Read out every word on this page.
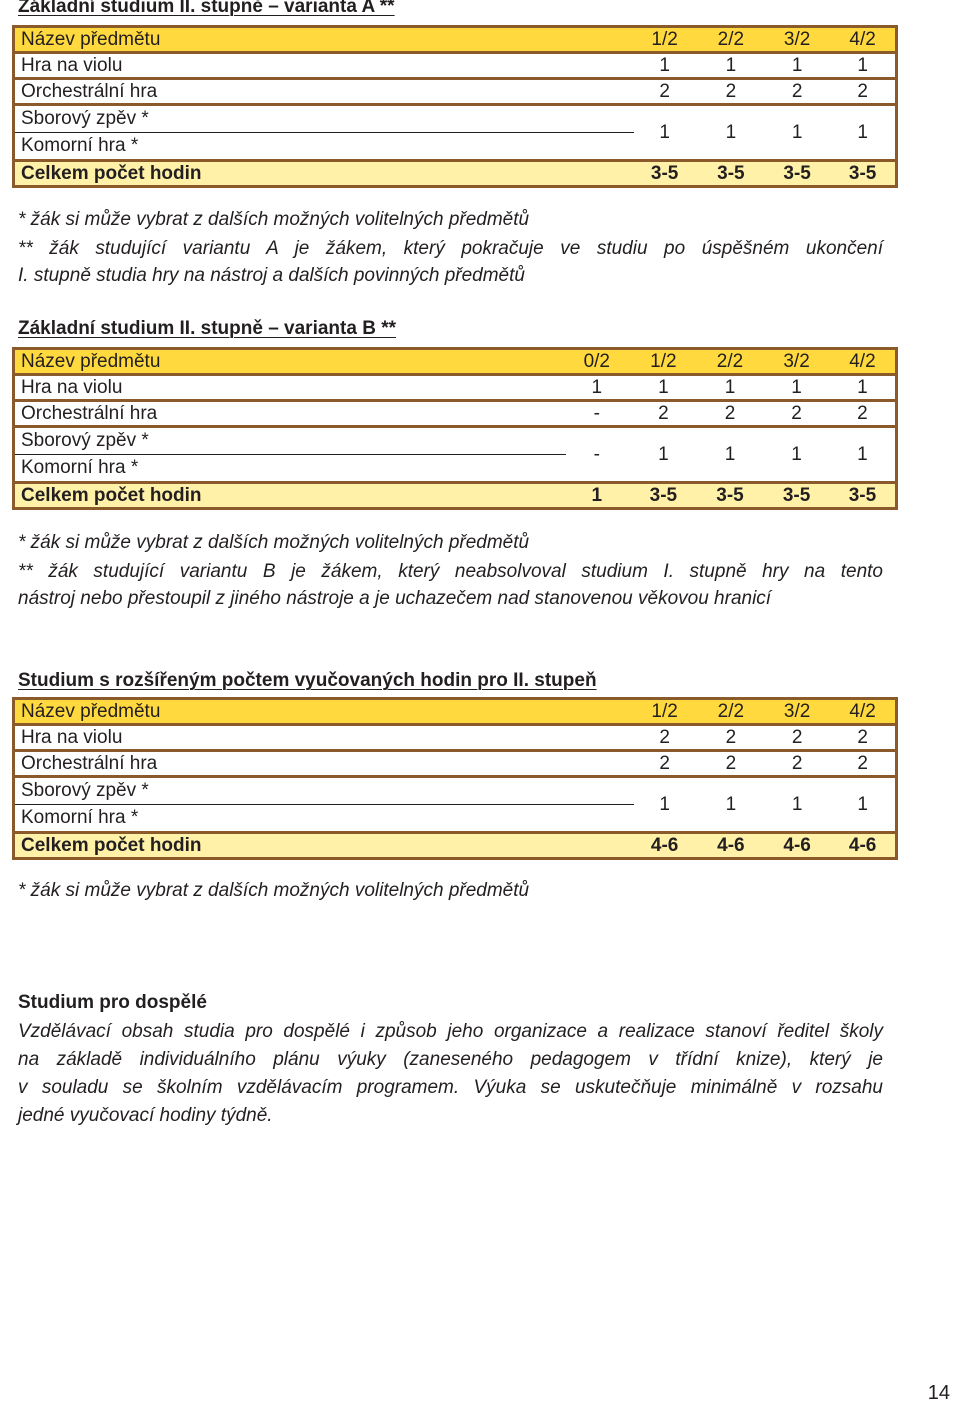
Základní studium II. stupně – varianta A **
Název předmětu	1/2	2/2	3/2	4/2
Hra na violu	1	1	1	1
Orchestrální hra	2	2	2	2

Sborový zpěv *
Komorní hra *	1	1	1	1
Celkem počet hodin	3-5	3-5	3-5	3-5
* žák si může vybrat z dalších možných volitelných předmětů
** žák studující variantu A je žákem, který pokračuje ve studiu po úspěšném ukončení
I. stupně studia hry na nástroj a dalších povinných předmětů
Základní studium II. stupně – varianta B **
Název předmětu	0/2	1/2	2/2	3/2	4/2
Hra na violu	1	1	1	1	1
Orchestrální hra	-	2	2	2	2

Sborový zpěv *
Komorní hra *	-	1	1	1	1
Celkem počet hodin	1	3-5	3-5	3-5	3-5
* žák si může vybrat z dalších možných volitelných předmětů
** žák studující variantu B je žákem, který neabsolvoval studium I. stupně hry na tento
nástroj nebo přestoupil z jiného nástroje a je uchazečem nad stanovenou věkovou hranicí
Studium s rozšířeným počtem vyučovaných hodin pro II. stupeň
Název předmětu	1/2	2/2	3/2	4/2
Hra na violu	2	2	2	2
Orchestrální hra	2	2	2	2

Sborový zpěv *
Komorní hra *	1	1	1	1
Celkem počet hodin	4-6	4-6	4-6	4-6
* žák si může vybrat z dalších možných volitelných předmětů
Studium pro dospělé
Vzdělávací obsah studia pro dospělé i způsob jeho organizace a realizace stanoví ředitel školy
na základě individuálního plánu výuky (zaneseného pedagogem v třídní knize), který je
v souladu se školním vzdělávacím programem. Výuka se uskutečňuje minimálně v rozsahu
jedné vyučovací hodiny týdně.
14
